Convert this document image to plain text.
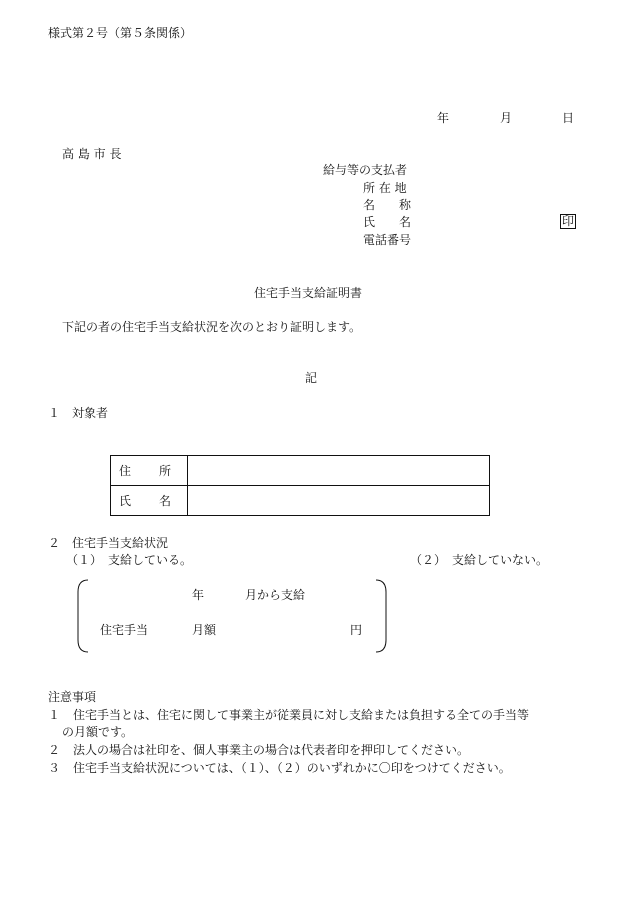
様式第２号（第５条関係）
年	月	日
高 島 市 長
給与等の支払者
所 在 地
名　　称
氏　　名	印
電話番号
住宅手当支給証明書
下記の者の住宅手当支給状況を次のとおり証明します。
記
１　対象者
住　所	
氏　名	
２　住宅手当支給状況
（１）　支給している。	（２）　支給していない。
年	月から支給
住宅手当	月額	円
注意事項
１ 住宅手当とは、住宅に関して事業主が従業員に対し支給または負担する全ての手当等
の月額です。
２ 法人の場合は社印を、個人事業主の場合は代表者印を押印してください。
３ 住宅手当支給状況については、（１）、（２）のいずれかに〇印をつけてください。
